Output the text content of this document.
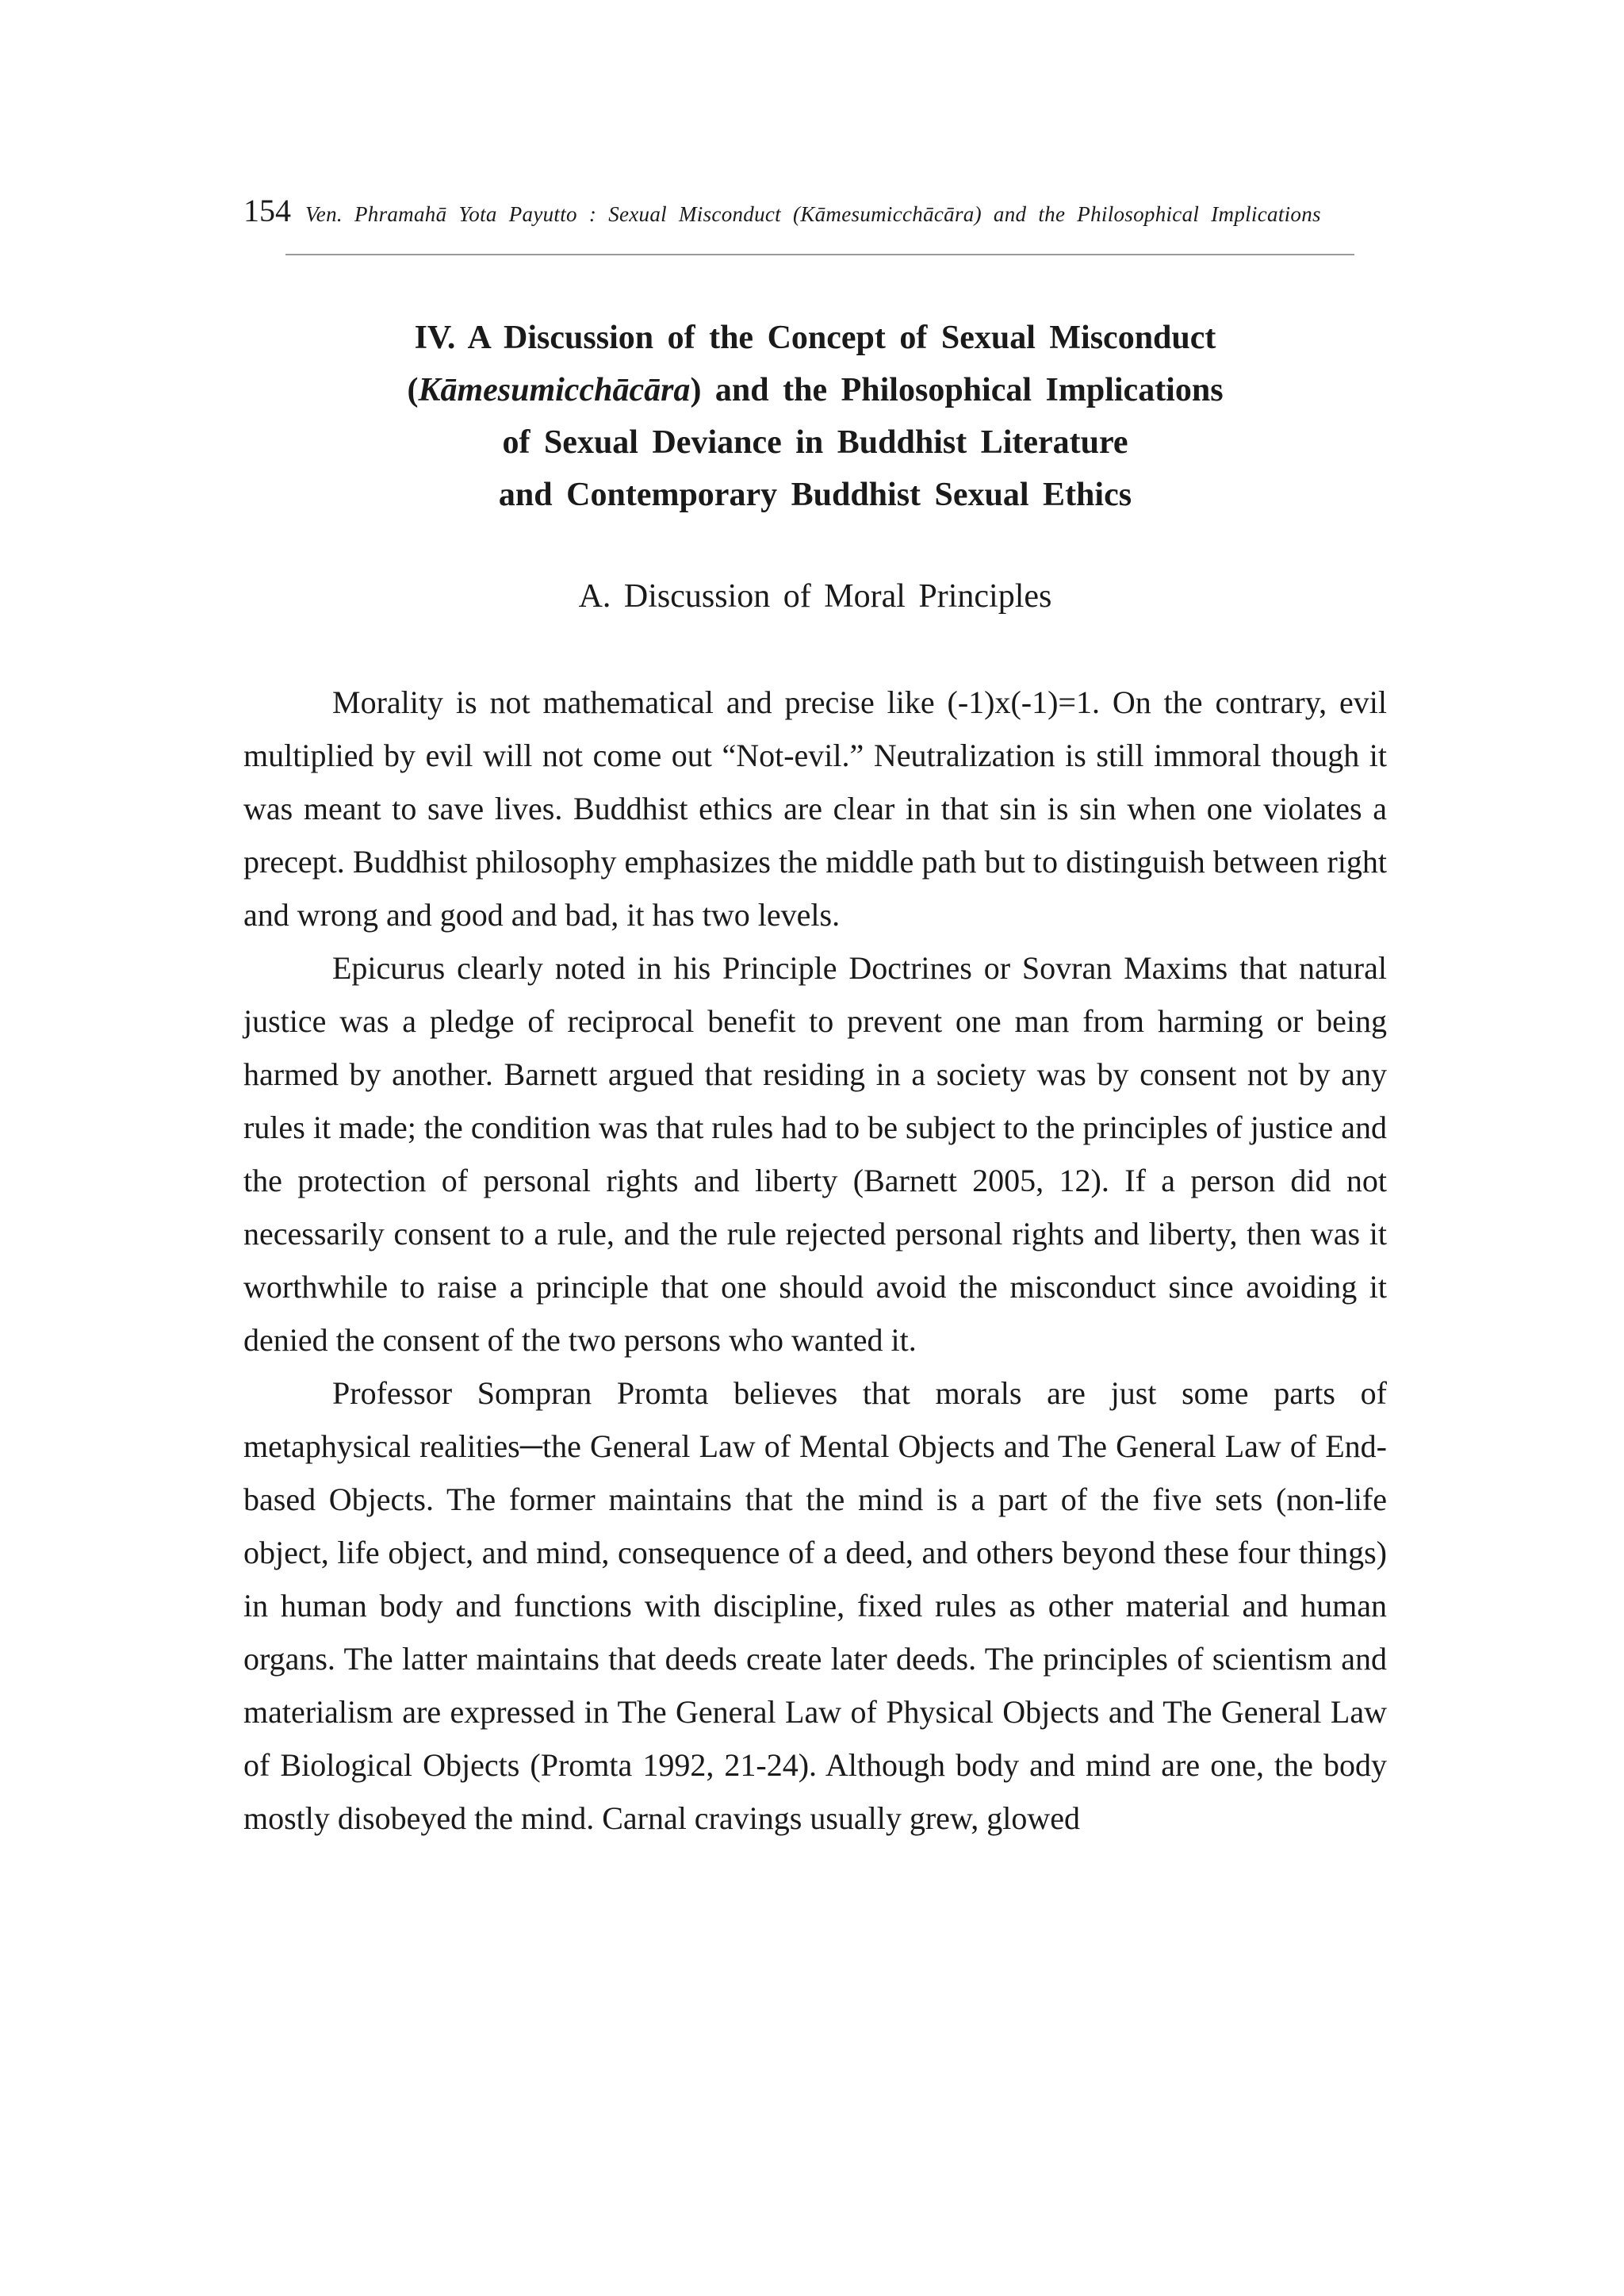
154 Ven. Phramahā Yota Payutto : Sexual Misconduct (Kāmesumicchācāra) and the Philosophical Implications
IV. A Discussion of the Concept of Sexual Misconduct
(Kāmesumicchācāra) and the Philosophical Implications
of Sexual Deviance in Buddhist Literature
and Contemporary Buddhist Sexual Ethics
A. Discussion of Moral Principles

Morality is not mathematical and precise like (-1)x(-1)=1. On the contrary, evil multiplied by evil will not come out “Not-evil.” Neutralization is still immoral though it was meant to save lives. Buddhist ethics are clear in that sin is sin when one violates a precept. Buddhist philosophy emphasizes the middle path but to distinguish between right and wrong and good and bad, it has two levels.

Epicurus clearly noted in his Principle Doctrines or Sovran Maxims that natural justice was a pledge of reciprocal benefit to prevent one man from harming or being harmed by another. Barnett argued that residing in a society was by consent not by any rules it made; the condition was that rules had to be subject to the principles of justice and the protection of personal rights and liberty (Barnett 2005, 12). If a person did not necessarily consent to a rule, and the rule rejected personal rights and liberty, then was it worthwhile to raise a principle that one should avoid the misconduct since avoiding it denied the consent of the two persons who wanted it.

Professor Sompran Promta believes that morals are just some parts of metaphysical realities─the General Law of Mental Objects and The General Law of End-based Objects. The former maintains that the mind is a part of the five sets (non-life object, life object, and mind, consequence of a deed, and others beyond these four things) in human body and functions with discipline, fixed rules as other material and human organs. The latter maintains that deeds create later deeds. The principles of scientism and materialism are expressed in The General Law of Physical Objects and The General Law of Biological Objects (Promta 1992, 21-24). Although body and mind are one, the body mostly disobeyed the mind. Carnal cravings usually grew, glowed
